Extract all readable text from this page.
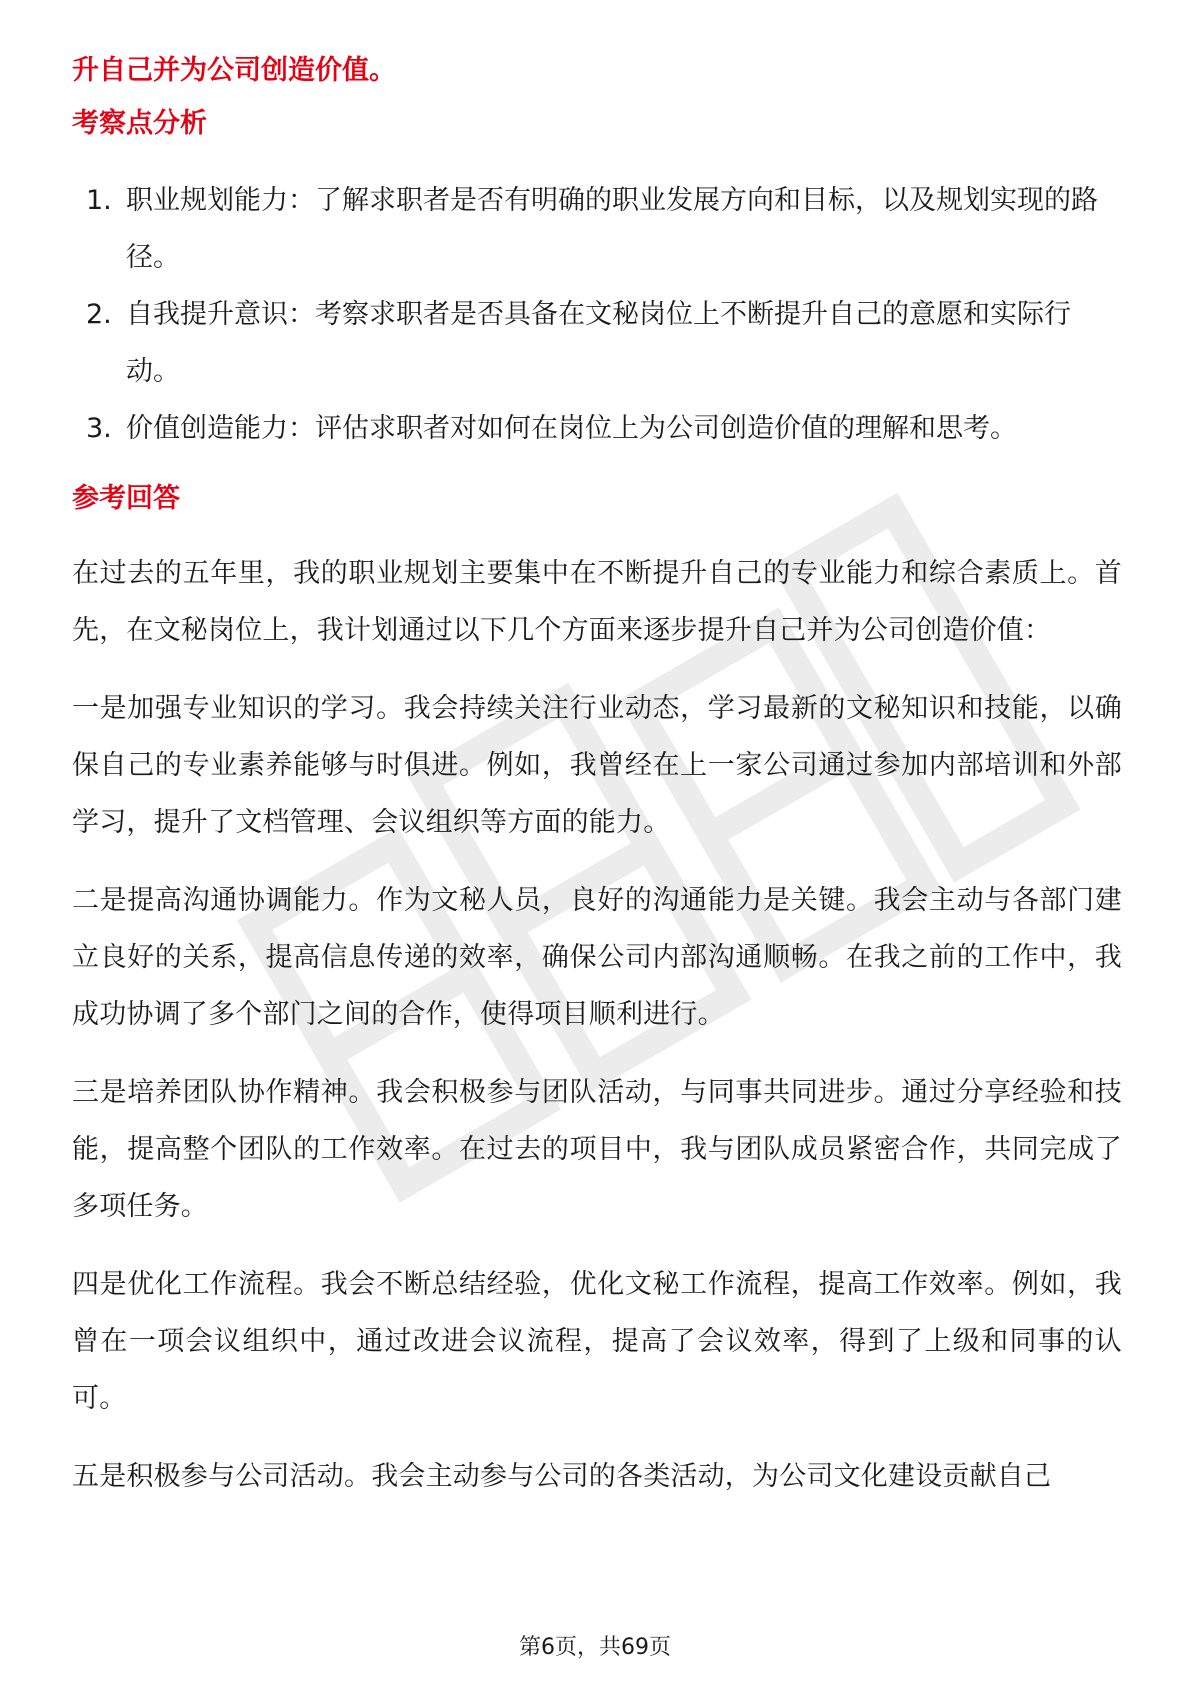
升自己并为公司创造价值。

考察点分析
1. 职业规划能力：了解求职者是否有明确的职业发展方向和目标，以及规划实现的路径。
2. 自我提升意识：考察求职者是否具备在文秘岗位上不断提升自己的意愿和实际行动。
3. 价值创造能力：评估求职者对如何在岗位上为公司创造价值的理解和思考。
参考回答

在过去的五年里，我的职业规划主要集中在不断提升自己的专业能力和综合素质上。首先，在文秘岗位上，我计划通过以下几个方面来逐步提升自己并为公司创造价值：

一是加强专业知识的学习。我会持续关注行业动态，学习最新的文秘知识和技能，以确保自己的专业素养能够与时俱进。例如，我曾经在上一家公司通过参加内部培训和外部学习，提升了文档管理、会议组织等方面的能力。

二是提高沟通协调能力。作为文秘人员，良好的沟通能力是关键。我会主动与各部门建立良好的关系，提高信息传递的效率，确保公司内部沟通顺畅。在我之前的工作中，我成功协调了多个部门之间的合作，使得项目顺利进行。

三是培养团队协作精神。我会积极参与团队活动，与同事共同进步。通过分享经验和技能，提高整个团队的工作效率。在过去的项目中，我与团队成员紧密合作，共同完成了多项任务。

四是优化工作流程。我会不断总结经验，优化文秘工作流程，提高工作效率。例如，我曾在一项会议组织中，通过改进会议流程，提高了会议效率，得到了上级和同事的认可。

五是积极参与公司活动。我会主动参与公司的各类活动，为公司文化建设贡献自己

第6页，共69页
